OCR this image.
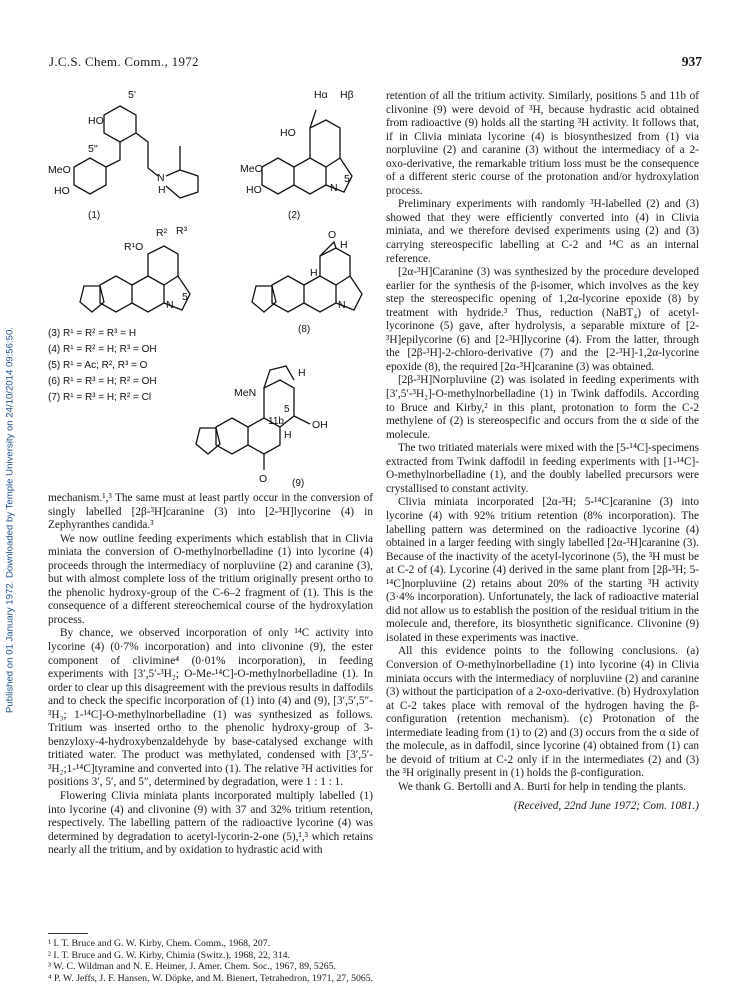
J.C.S. Chem. Comm., 1972	937
Published on 01 January 1972. Downloaded by Temple University on 24/10/2014 09:56:50.
5'
HO
5''
MeO
HO
N
H
(1)
Hα Hβ
HO
MeO
HO	N
5
(2)
R¹O
R² R³
N
5
(3) R¹ = R² = R³ = H
(4) R¹ = R² = H; R³ = OH
(5) R¹ = Ac; R², R³ = O
(6) R¹ = R³ = H; R² = OH
(7) R¹ = R³ = H; R² = Cl
H
H
O
N
(8)
MeN
H
11b
5
OH
H
O (9)

mechanism.¹,³ The same must at least partly occur in the conversion of singly labelled [2β-³H]caranine (3) into [2-³H]lycorine (4) in Zephyranthes candida.³

We now outline feeding experiments which establish that in Clivia miniata the conversion of O-methylnorbelladine (1) into lycorine (4) proceeds through the intermediacy of norpluviine (2) and caranine (3), but with almost complete loss of the tritium originally present ortho to the phenolic hydroxy-group of the C-6–2 fragment of (1). This is the consequence of a different stereochemical course of the hydroxylation process.

By chance, we observed incorporation of only ¹⁴C activity into lycorine (4) (0·7% incorporation) and into clivonine (9), the ester component of clivimine⁴ (0·01% incorporation), in feeding experiments with [3′,5′-³H₂; O-Me-¹⁴C]-O-methylnorbelladine (1). In order to clear up this disagreement with the previous results in daffodils and to check the specific incorporation of (1) into (4) and (9), [3′,5′,5″-³H₃; 1-¹⁴C]-O-methylnorbelladine (1) was synthesized as follows. Tritium was inserted ortho to the phenolic hydroxy-group of 3-benzyloxy-4-hydroxybenzaldehyde by base-catalysed exchange with tritiated water. The product was methylated, condensed with [3′,5′-³H₂;1-¹⁴C]tyramine and converted into (1). The relative ³H activities for positions 3′, 5′, and 5″, determined by degradation, were 1 : 1 : 1.

Flowering Clivia miniata plants incorporated multiply labelled (1) into lycorine (4) and clivonine (9) with 37 and 32% tritium retention, respectively. The labelling pattern of the radioactive lycorine (4) was determined by degradation to acetyl-lycorin-2-one (5),¹,³ which retains nearly all the tritium, and by oxidation to hydrastic acid with

retention of all the tritium activity. Similarly, positions 5 and 11b of clivonine (9) were devoid of ³H, because hydrastic acid obtained from radioactive (9) holds all the starting ³H activity. It follows that, if in Clivia miniata lycorine (4) is biosynthesized from (1) via norpluviine (2) and caranine (3) without the intermediacy of a 2-oxo-derivative, the remarkable tritium loss must be the consequence of a different steric course of the protonation and/or hydroxylation process.

Preliminary experiments with randomly ³H-labelled (2) and (3) showed that they were efficiently converted into (4) in Clivia miniata, and we therefore devised experiments using (2) and (3) carrying stereospecific labelling at C-2 and ¹⁴C as an internal reference.

[2α-³H]Caranine (3) was synthesized by the procedure developed earlier for the synthesis of the β-isomer, which involves as the key step the stereospecific opening of 1,2α-lycorine epoxide (8) by treatment with hydride.³ Thus, reduction (NaBT₄) of acetyl-lycorinone (5) gave, after hydrolysis, a separable mixture of [2-³H]epilycorine (6) and [2-³H]lycorine (4). From the latter, through the [2β-³H]-2-chloro-derivative (7) and the [2-³H]-1,2α-lycorine epoxide (8), the required [2α-³H]caranine (3) was obtained.

[2β-³H]Norpluviine (2) was isolated in feeding experiments with [3′,5′-³H₂]-O-methylnorbelladine (1) in Twink daffodils. According to Bruce and Kirby,² in this plant, protonation to form the C-2 methylene of (2) is stereospecific and occurs from the α side of the molecule.

The two tritiated materials were mixed with the [5-¹⁴C]-specimens extracted from Twink daffodil in feeding experiments with [1-¹⁴C]-O-methylnorbelladine (1), and the doubly labelled precursors were crystallised to constant activity.

Clivia miniata incorporated [2α-³H; 5-¹⁴C]caranine (3) into lycorine (4) with 92% tritium retention (8% incorporation). The labelling pattern was determined on the radioactive lycorine (4) obtained in a larger feeding with singly labelled [2α-³H]caranine (3). Because of the inactivity of the acetyl-lycorinone (5), the ³H must be at C-2 of (4). Lycorine (4) derived in the same plant from [2β-³H; 5-¹⁴C]norpluviine (2) retains about 20% of the starting ³H activity (3·4% incorporation). Unfortunately, the lack of radioactive material did not allow us to establish the position of the residual tritium in the molecule and, therefore, its biosynthetic significance. Clivonine (9) isolated in these experiments was inactive.

All this evidence points to the following conclusions. (a) Conversion of O-methylnorbelladine (1) into lycorine (4) in Clivia miniata occurs with the intermediacy of norpluviine (2) and caranine (3) without the participation of a 2-oxo-derivative. (b) Hydroxylation at C-2 takes place with removal of the hydrogen having the β-configuration (retention mechanism). (c) Protonation of the intermediate leading from (1) to (2) and (3) occurs from the α side of the molecule, as in daffodil, since lycorine (4) obtained from (1) can be devoid of tritium at C-2 only if in the intermediates (2) and (3) the ³H originally present in (1) holds the β-configuration.

We thank G. Bertolli and A. Burti for help in tending the plants.

(Received, 22nd June 1972; Com. 1081.)

¹ I. T. Bruce and G. W. Kirby, Chem. Comm., 1968, 207.
² I. T. Bruce and G. W. Kirby, Chimia (Switz.), 1968, 22, 314.
³ W. C. Wildman and N. E. Heimer, J. Amer. Chem. Soc., 1967, 89, 5265.
⁴ P. W. Jeffs, J. F. Hansen, W. Döpke, and M. Bienert, Tetrahedron, 1971, 27, 5065.
